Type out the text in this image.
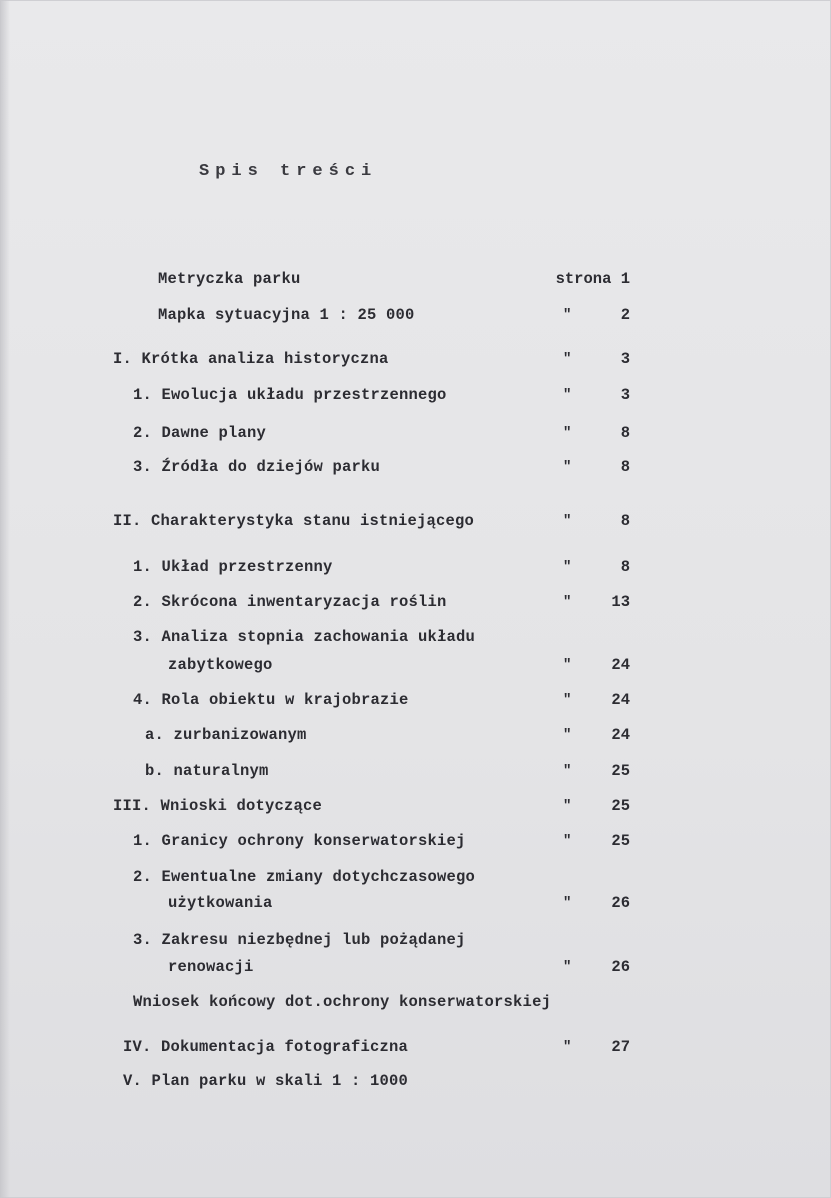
Spis treści
Metryczka parku	strona 1
Mapka sytuacyjna 1 : 25 000	"	2
I. Krótka analiza historyczna	"	3
1. Ewolucja układu przestrzennego	"	3
2. Dawne plany	"	8
3. Źródła do dziejów parku	"	8
II. Charakterystyka stanu istniejącego	"	8
1. Układ przestrzenny	"	8
2. Skrócona inwentaryzacja roślin	"	13
3. Analiza stopnia zachowania układu
zabytkowego	"	24
4. Rola obiektu w krajobrazie	"	24
a. zurbanizowanym	"	24
b. naturalnym	"	25
III. Wnioski dotyczące	"	25
1. Granicy ochrony konserwatorskiej	"	25
2. Ewentualne zmiany dotychczasowego
użytkowania	"	26
3. Zakresu niezbędnej lub pożądanej
renowacji	"	26
Wniosek końcowy dot.ochrony konserwatorskiej
IV. Dokumentacja fotograficzna	"	27
V. Plan parku w skali 1 : 1000
